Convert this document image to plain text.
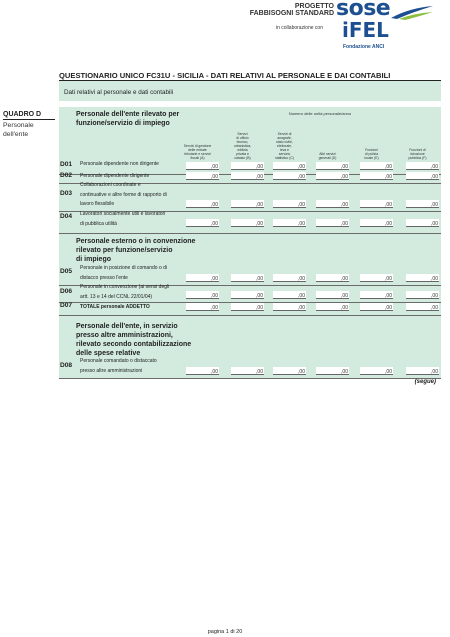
PROGETTO
FABBISOGNI STANDARD sose
in collaborazione con iFEL
Fondazione ANCI
QUESTIONARIO UNICO FC31U - SICILIA - DATI RELATIVI AL PERSONALE E DAI CONTABILI
Dati relativi al personale e dati contabili
QUADRO D
Personale
dell'ente
Personale dell'ente rilevato per
funzione/servizio di impiego
Numero delle unità personale/anno
Servizi di gestione
delle entrate
tributarie e servizi
fiscali (A)
Servizi
di ufficio
tecnico,
urbanistica,
edilizia
privata e
catasto (B)
Servizi di
anagrafe,
stato civile,
elettorale,
leva e
servizio
statistico (C)
Altri servizi
generali (D)
Funzioni
di polizia
locale (E)
Funzioni di
istruzione
pubblica (F)
D01 Personale dipendente non dirigente	,00	,00	,00	,00	,00	,00
D02 Personale dipendente dirigente	,00	,00	,00	,00	,00	,00
D03
Collaborazioni coordinate e
continuative e altre forme di rapporto di
lavoro flessibile	,00	,00	,00	,00	,00	,00
D04 Lavoratori socialmente utili e lavoratori
di pubblica utilità	,00	,00	,00	,00	,00	,00
D05 Personale in posizione di comando o di
distacco presso l'ente	,00	,00	,00	,00	,00	,00
D06
Personale in convenzione (ai sensi degli
artt. 13 e 14 del CCNL 22/01/04)	,00	,00	,00	,00	,00	,00
D07 TOTALE personale ADDETTO	,00	,00	,00	,00	,00	,00
D08
Personale comandato o distaccato
presso altre amministrazioni	,00	,00	,00	,00	,00	,00
Personale esterno o in convenzione
rilevato per funzione/servizio
di impiego
Personale dell'ente, in servizio
presso altre amministrazioni,
rilevato secondo contabilizzazione
delle spese relative
(segue)
pagina 1 di 20
